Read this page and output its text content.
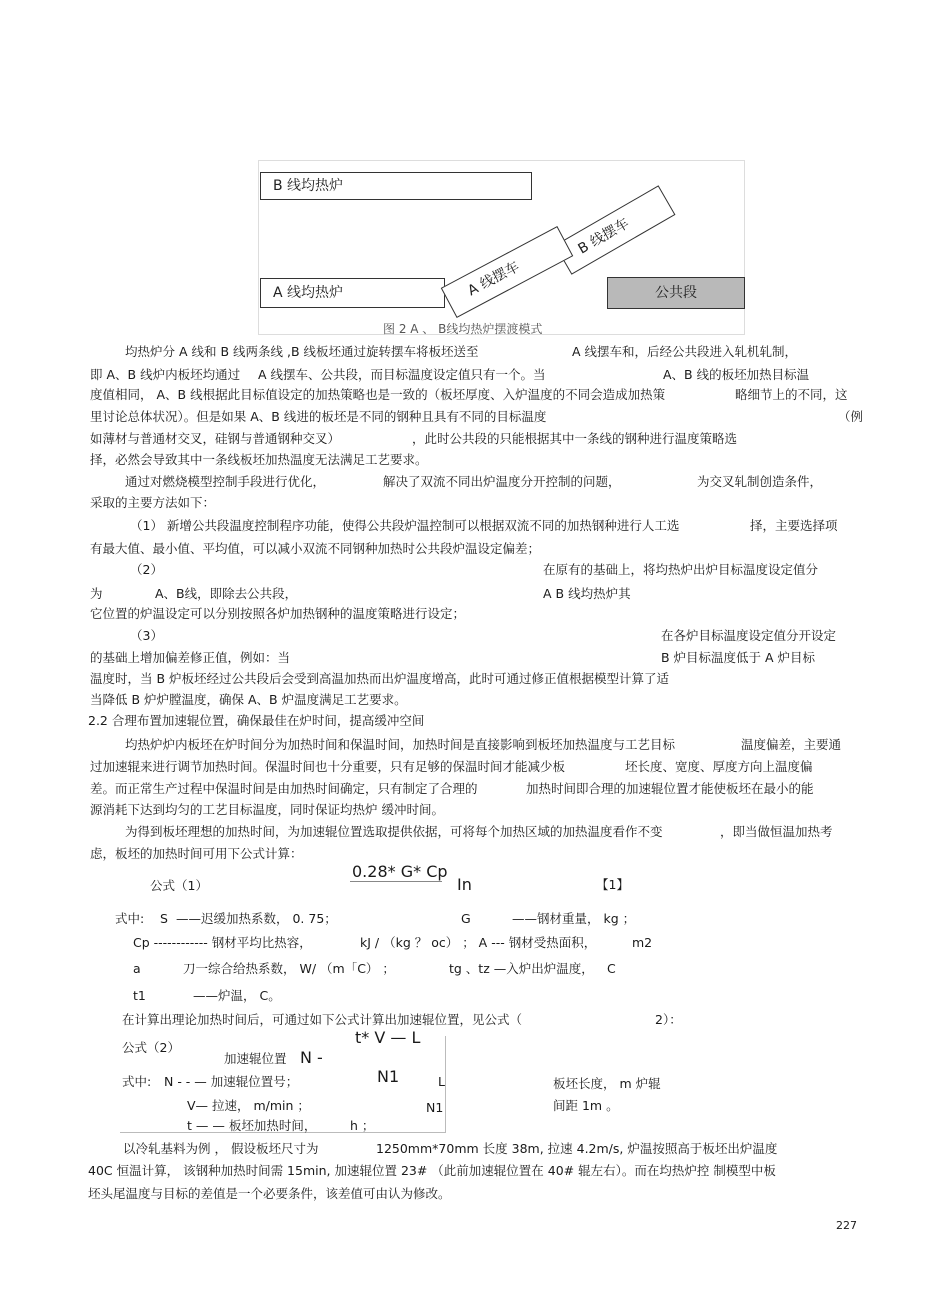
B 线均热炉
A 线均热炉
B 线摆车
A 线摆车	公共段
图 2 A 、 B线均热炉摆渡模式
均热炉分 A 线和 B 线两条线 ,B 线板坯通过旋转摆车将板坯送至	A 线摆车和，后经公共段进入轧机轧制，
即 A、B 线炉内板坯均通过 A 线摆车、公共段，而目标温度设定值只有一个。当	A、B 线的板坯加热目标温
度值相同， A、B 线根据此目标值设定的加热策略也是一致的（板坯厚度、入炉温度的不同会造成加热策	略细节上的不同，这
里讨论总体状况）。但是如果 A、B 线进的板坯是不同的钢种且具有不同的目标温度	（例
如薄材与普通材交叉，硅钢与普通钢种交叉）	，此时公共段的只能根据其中一条线的钢种进行温度策略选
择，必然会导致其中一条线板坯加热温度无法满足工艺要求。
通过对燃烧模型控制手段进行优化，	解决了双流不同出炉温度分开控制的问题，	为交叉轧制创造条件，
采取的主要方法如下：
（1） 新增公共段温度控制程序功能，使得公共段炉温控制可以根据双流不同的加热钢种进行人工选	择，主要选择项
有最大值、最小值、平均值，可以减小双流不同钢种加热时公共段炉温设定偏差；
（2）	在原有的基础上，将均热炉出炉目标温度设定值分
为	A、B线，即除去公共段，	A B 线均热炉其
它位置的炉温设定可以分别按照各炉加热钢种的温度策略进行设定；
（3）	在各炉目标温度设定值分开设定
的基础上增加偏差修正值，例如：当	B 炉目标温度低于 A 炉目标
温度时，当 B 炉板坯经过公共段后会受到高温加热而出炉温度增高，此时可通过修正值根据模型计算了适
当降低 B 炉炉膛温度，确保 A、B 炉温度满足工艺要求。
2.2 合理布置加速辊位置，确保最佳在炉时间，提高缓冲空间
均热炉炉内板坯在炉时间分为加热时间和保温时间，加热时间是直接影响到板坯加热温度与工艺目标	温度偏差，主要通
过加速辊来进行调节加热时间。保温时间也十分重要，只有足够的保温时间才能减少板	坯长度、宽度、厚度方向上温度偏
差。而正常生产过程中保温时间是由加热时间确定，只有制定了合理的	加热时间即合理的加速辊位置才能使板坯在最小的能
源消耗下达到均匀的工艺目标温度，同时保证均热炉 缓冲时间。
为得到板坯理想的加热时间，为加速辊位置选取提供依据，可将每个加热区域的加热温度看作不变	，即当做恒温加热考
虑，板坯的加热时间可用下公式计算：
0.28* G* Cp
公式（1）	In	【1】
式中: S ——迟缓加热系数， 0. 75；	G	——钢材重量， kg ；
Cp ------------ 钢材平均比热容，	kJ / （kg ？ oc） ； A --- 钢材受热面积，	m2
a	刀一综合给热系数， W/ （m「C） ；	tg 、tz —入炉出炉温度， C
t1	——炉温， C。
在计算出理论加热时间后，可通过如下公式计算出加速辊位置，见公式（	2）：
t* V — L
公式（2）
加速辊位置 N -
N1	L
式中: N - - — 加速辊位置号；	板坯长度， m 炉辊
间距 1m 。
V— 拉速， m/min ；	N1
t — — 板坯加热时间，	h ；
以冷轧基料为例 ， 假设板坯尺寸为	1250mm*70mm 长度 38m, 拉速 4.2m/s, 炉温按照高于板坯出炉温度
40C 恒温计算， 该钢种加热时间需 15min, 加速辊位置 23# （此前加速辊位置在 40# 辊左右）。而在均热炉控 制模型中板
坯头尾温度与目标的差值是一个必要条件，该差值可由认为修改。
227
